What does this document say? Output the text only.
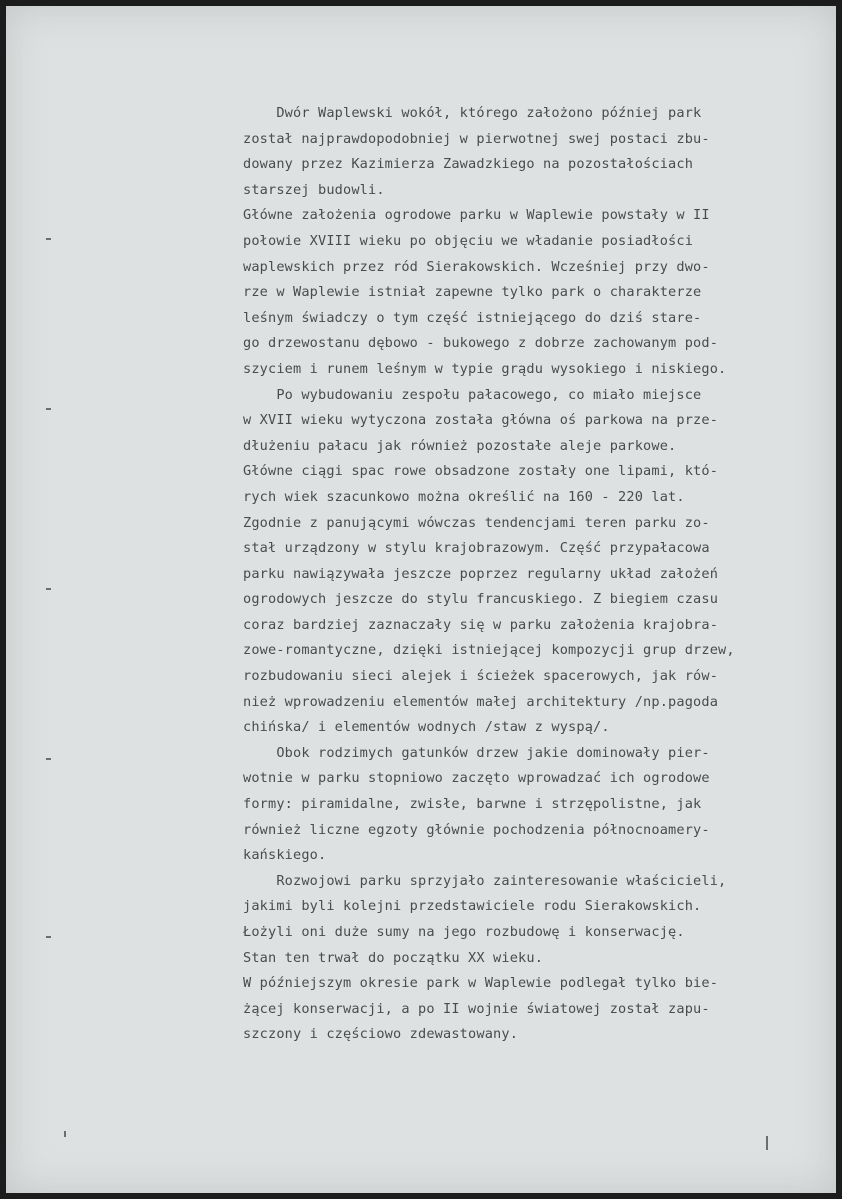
Dwór Waplewski wokół, którego założono później park
został najprawdopodobniej w pierwotnej swej postaci zbu-
dowany przez Kazimierza Zawadzkiego na pozostałościach
starszej budowli.
Główne założenia ogrodowe parku w Waplewie powstały w II
połowie XVIII wieku po objęciu we władanie posiadłości
waplewskich przez ród Sierakowskich. Wcześniej przy dwo-
rze w Waplewie istniał zapewne tylko park o charakterze
leśnym świadczy o tym część istniejącego do dziś stare-
go drzewostanu dębowo - bukowego z dobrze zachowanym pod-
szyciem i runem leśnym w typie grądu wysokiego i niskiego.
Po wybudowaniu zespołu pałacowego, co miało miejsce
w XVII wieku wytyczona została główna oś parkowa na prze-
dłużeniu pałacu jak również pozostałe aleje parkowe.
Główne ciągi spac rowe obsadzone zostały one lipami, któ-
rych wiek szacunkowo można określić na 160 - 220 lat.
Zgodnie z panującymi wówczas tendencjami teren parku zo-
stał urządzony w stylu krajobrazowym. Część przypałacowa
parku nawiązywała jeszcze poprzez regularny układ założeń
ogrodowych jeszcze do stylu francuskiego. Z biegiem czasu
coraz bardziej zaznaczały się w parku założenia krajobra-
zowe-romantyczne, dzięki istniejącej kompozycji grup drzew,
rozbudowaniu sieci alejek i ścieżek spacerowych, jak rów-
nież wprowadzeniu elementów małej architektury /np.pagoda
chińska/ i elementów wodnych /staw z wyspą/.
Obok rodzimych gatunków drzew jakie dominowały pier-
wotnie w parku stopniowo zaczęto wprowadzać ich ogrodowe
formy: piramidalne, zwisłe, barwne i strzępolistne, jak
również liczne egzoty głównie pochodzenia północnoamery-
kańskiego.
Rozwojowi parku sprzyjało zainteresowanie właścicieli,
jakimi byli kolejni przedstawiciele rodu Sierakowskich.
Łożyli oni duże sumy na jego rozbudowę i konserwację.
Stan ten trwał do początku XX wieku.
W późniejszym okresie park w Waplewie podlegał tylko bie-
żącej konserwacji, a po II wojnie światowej został zapu-
szczony i częściowo zdewastowany.
